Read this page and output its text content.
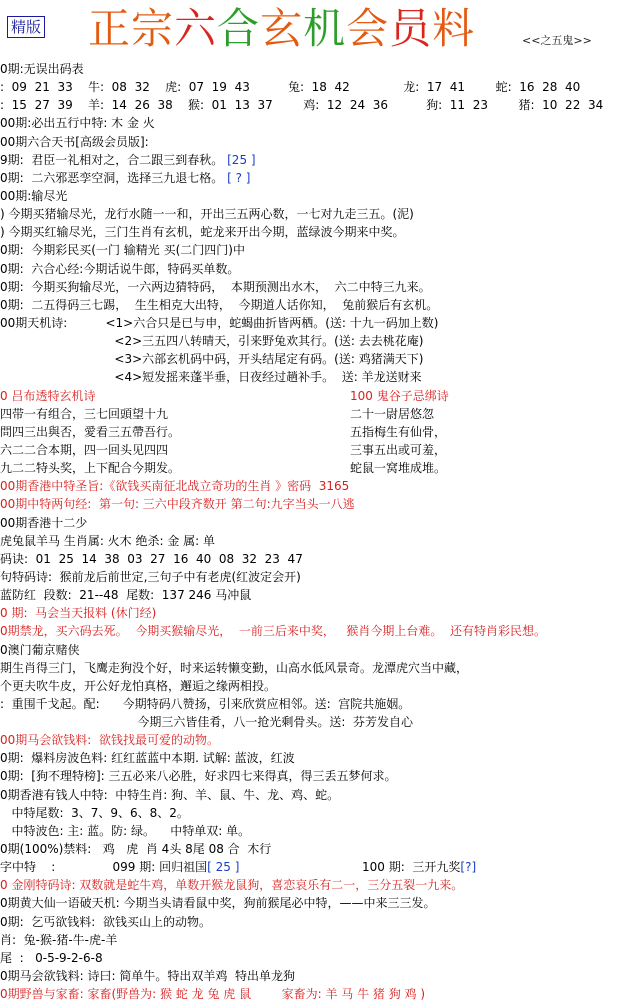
精版 正宗六合玄机会员料	<<之五鬼>>
0期:无误出码表
:  09  21  33    牛:  08  32    虎:  07  19  43          兔:  18  42              龙:  17  41        蛇:  16  28  40
:  15  27  39    羊:  14  26  38    猴:  01  13  37        鸡:  12  24  36          狗:  11  23        猪:  10  22  34
00期:必出五行中特: 木 金 火
00期六合天书[高级会员版]:
9期:  君臣一礼相对之，合二跟三到春秋。 [25 ]
0期:  二六邪恶孪空洞，选择三九退七格。 [ ? ]
00期:输尽光
) 今期买猪输尽光，龙行水随一一和，开出三五两心数，一七对九走三五。(泥)
) 今期买红输尽光，三门生肖有玄机，蛇龙来开出今期，蓝绿波今期来中奖。
0期:  今期彩民买(一门 输精光 买(二门四门)中
0期:  六合心经:今期话说牛郎，特码买单数。
0期:  今期买狗输尽光，一六两边猜特码，  本期预测出水木，  六二中特三九来。
0期:  二五得码三七踢，  生生相克大出特，  今期道人话你知，  兔前猴后有玄机。
00期天机诗:          <1>六合只是已与申，蛇蝎曲折皆两栖。(送: 十九一码加上数)
<2>三五四八转晴天，引来野兔欢其行。(送: 去去桃花庵)
<3>六部玄机码中码，开头结尾定有码。(送: 鸡猪满天下)
<4>短发摇来蓬半垂，日夜经过趟补手。  送: 羊龙送财来
0 吕布透特玄机诗	100 鬼谷子忌绑诗
四带一有组合，三七回頭望十九	二十一尉居悠忽
問四三出與否，愛看三五帶吾行。	五指梅生有仙骨，
六二二合本期，四一回头见四四	三事五出或可羞，
九二二特头奖，上下配合今期发。	蛇鼠一窝堆成堆。
00期香港中特圣旨:《欲钱买南征北战立奇功的生肖 》密码  3165
00期中特两句经:  第一句: 三六中段齐数开 第二句:九字当头一八逃
00期香港十二少
虎兔鼠羊马 生肖属: 火木 绝杀: 金 属: 单
码诀:  01  25  14  38  03  27  16  40  08  32  23  47
句特码诗:  猴前龙后前世定,三句子中有老虎(红波定会开)
蓝防红  段数:  21--48  尾数:  137 246 马冲鼠
0 期:  马会当天报料 (休门经)
0期禁龙，买六码去死。  今期买猴输尽光，  一前三后来中奖，   猴肖今期上台难。  还有特肖彩民想。
0澳门葡京赌侠
期生肖得三门，飞鹰走狗没个好，时来运转懒变勤，山高水低风景奇。龙潭虎穴当中藏，
个更夫吹牛皮，开公好龙怕真格，邂逅之缘两相投。
:  重围千戈起。配:      今期特码八赞扬，引来欣赏应相邻。送:  宫院共施姻。
今期三六皆佳肴，八一抢光剩骨头。送:  芬芳发自心
00期马会欲钱料:  欲钱找最可爱的动物。
0期:  爆料房波色料: 红红蓝蓝中本期. 试解: 蓝波，红波
0期:  [狗不理特榜]: 三五必来八必胜，好求四七来得真，得三丢五梦何求。
0期香港有钱人中特:  中特生肖: 狗、羊、鼠、牛、龙、鸡、蛇。
中特尾数:  3、7、9、6、8、2。
中特波色: 主: 蓝。防: 绿。    中特单双: 单。
0期(100%)禁料:   鸡   虎  肖 4头 8尾 08 合  木行
字中特    :               099 期: 回归祖国[ 25 ]	100 期:  三开九奖[?]
0 金刚特码诗: 双数就是蛇牛鸡，单数开猴龙鼠狗，喜恋哀乐有二一，三分五裂一九来。
0期黄大仙一语破天机: 今期当头请看鼠中奖，狗前猴尾必中特，——中来三三发。
0期:  乞丐欲钱料:  欲钱买山上的动物。
肖:  兔-猴-猪-牛-虎-羊
尾  :   0-5-9-2-6-8
0期马会欲钱料: 诗曰: 简单牛。特出双羊鸡  特出单龙狗
0期野兽与家畜: 家畜(野兽为: 猴 蛇 龙 兔 虎 鼠        家畜为: 羊 马 牛 猪 狗 鸡 )
